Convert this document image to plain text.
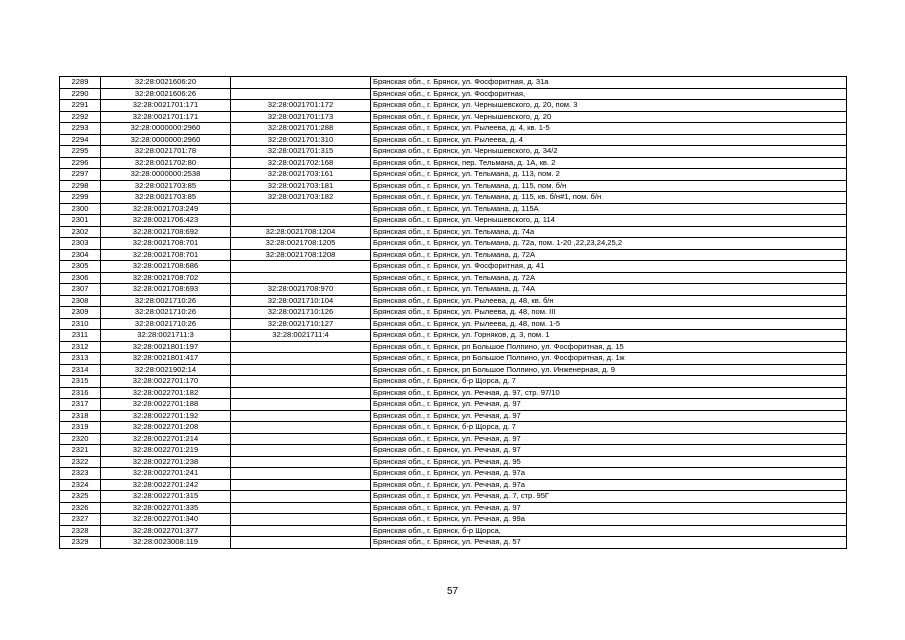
2289	32:28:0021606:20		Брянская обл., г. Брянск, ул. Фосфоритная, д. 31а
2290	32:28:0021606:26		Брянская обл., г. Брянск, ул. Фосфоритная,
2291	32:28:0021701:171	32:28:0021701:172	Брянская обл., г. Брянск, ул. Чернышевского, д. 20, пом. 3
2292	32:28:0021701:171	32:28:0021701:173	Брянская обл., г. Брянск, ул. Чернышевского, д. 20
2293	32:28:0000000:2960	32:28:0021701:288	Брянская обл., г. Брянск, ул. Рылеева, д. 4, кв. 1-5
2294	32:28:0000000:2960	32:28:0021701:310	Брянская обл., г. Брянск, ул. Рылеева, д. 4
2295	32:28:0021701:78	32:28:0021701:315	Брянская обл., г. Брянск, ул. Чернышевского, д. 34/2
2296	32:28:0021702:80	32:28:0021702:168	Брянская обл., г. Брянск, пер. Тельмана, д. 1А, кв. 2
2297	32:28:0000000:2538	32:28:0021703:161	Брянская обл., г. Брянск, ул. Тельмана, д. 113, пом. 2
2298	32:28:0021703:85	32:28:0021703:181	Брянская обл., г. Брянск, ул. Тельмана, д. 115, пом. б/н
2299	32:28:0021703:85	32:28:0021703:182	Брянская обл., г. Брянск, ул. Тельмана, д. 115, кв. б/н#1, пом. б/н
2300	32:28:0021703:249		Брянская обл., г. Брянск, ул. Тельмана, д. 115А
2301	32:28:0021706:423		Брянская обл., г. Брянск, ул. Чернышевского, д. 114
2302	32:28:0021708:692	32:28:0021708:1204	Брянская обл., г. Брянск, ул. Тельмана, д. 74а
2303	32:28:0021708:701	32:28:0021708:1205	Брянская обл., г. Брянск, ул. Тельмана, д. 72а, пом. 1-20 ,22,23,24,25,2
2304	32:28:0021708:701	32:28:0021708:1208	Брянская обл., г. Брянск, ул. Тельмана, д. 72А
2305	32:28:0021708:686		Брянская обл., г. Брянск, ул. Фосфоритная, д. 41
2306	32:28:0021708:702		Брянская обл., г. Брянск, ул. Тельмана, д. 72А
2307	32:28:0021708:693	32:28:0021708:970	Брянская обл., г. Брянск, ул. Тельмана, д. 74А
2308	32:28:0021710:26	32:28:0021710:104	Брянская обл., г. Брянск, ул. Рылеева, д. 48, кв. б/н
2309	32:28:0021710:26	32:28:0021710:126	Брянская обл., г. Брянск, ул. Рылеева, д. 48, пом. III
2310	32:28:0021710:26	32:28:0021710:127	Брянская обл., г. Брянск, ул. Рылеева, д. 48, пом. 1-5
2311	32:28:0021711:3	32:28:0021711:4	Брянская обл., г. Брянск, ул. Горняков, д. 3, пом. 1
2312	32:28:0021801:197		Брянская обл., г. Брянск, рп Большое Полпино, ул. Фосфоритная, д. 15
2313	32:28:0021801:417		Брянская обл., г. Брянск, рп Большое Полпино, ул. Фосфоритная, д. 1ж
2314	32:28:0021902:14		Брянская обл., г. Брянск, рп Большое Полпино, ул. Инженерная, д. 9
2315	32:28:0022701:170		Брянская обл., г. Брянск, б-р Щорса, д. 7
2316	32:28:0022701:182		Брянская обл., г. Брянск, ул. Речная, д. 97, стр. 97/10
2317	32:28:0022701:188		Брянская обл., г. Брянск, ул. Речная, д. 97
2318	32:28:0022701:192		Брянская обл., г. Брянск, ул. Речная, д. 97
2319	32:28:0022701:208		Брянская обл., г. Брянск, б-р Щорса, д. 7
2320	32:28:0022701:214		Брянская обл., г. Брянск, ул. Речная, д. 97
2321	32:28:0022701:219		Брянская обл., г. Брянск, ул. Речная, д. 97
2322	32:28:0022701:238		Брянская обл., г. Брянск, ул. Речная, д. 95
2323	32:28:0022701:241		Брянская обл., г. Брянск, ул. Речная, д. 97а
2324	32:28:0022701:242		Брянская обл., г. Брянск, ул. Речная, д. 97а
2325	32:28:0022701:315		Брянская обл., г. Брянск, ул. Речная, д. 7, стр. 95Г
2326	32:28:0022701:335		Брянская обл., г. Брянск, ул. Речная, д. 97
2327	32:28:0022701:340		Брянская обл., г. Брянск, ул. Речная, д. 99а
2328	32:28:0022701:377		Брянская обл., г. Брянск, б-р Щорса,
2329	32:28:0023008:119		Брянская обл., г. Брянск, ул. Речная, д. 57
57
